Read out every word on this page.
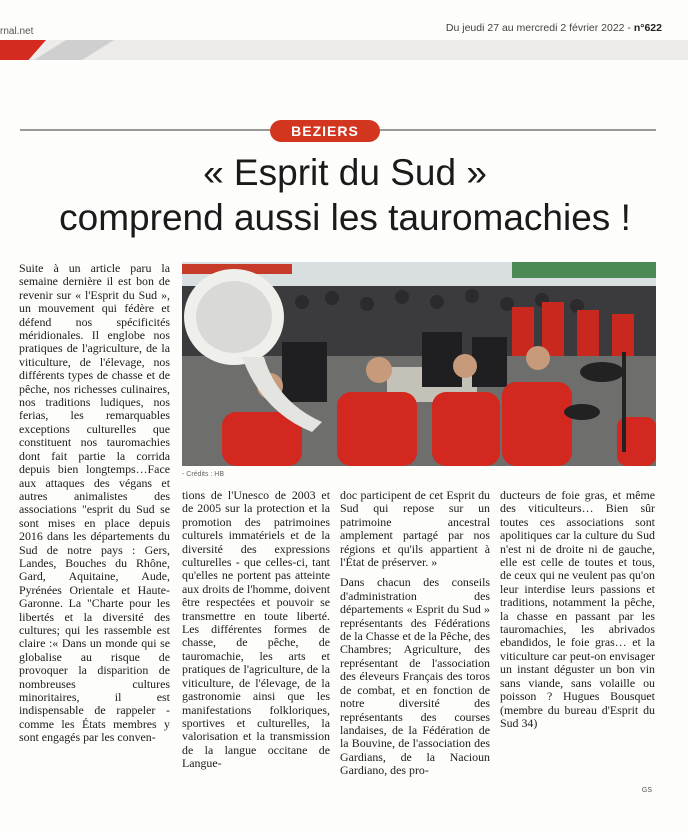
rnal.net	Du jeudi 27 au mercredi 2 février 2022 - n°622
BEZIERS
« Esprit du Sud »
comprend aussi les tauromachies !
- Crédits : HB

Suite à un article paru la semaine dernière il est bon de revenir sur « l'Esprit du Sud », un mouvement qui fédère et défend nos spécificités méridionales. Il englobe nos pratiques de l'agriculture, de la viticulture, de l'élevage, nos différents types de chasse et de pêche, nos richesses culinaires, nos traditions ludiques, nos ferias, les remarquables exceptions culturelles que constituent nos tauromachies dont fait partie la corrida depuis bien longtemps…Face aux attaques des végans et autres animalistes des associations "esprit du Sud se sont mises en place depuis 2016 dans les départements du Sud de notre pays : Gers, Landes, Bouches du Rhône, Gard, Aquitaine, Aude, Pyrénées Orientale et Haute-Garonne. La "Charte pour les libertés et la diversité des cultures; qui les rassemble est claire :« Dans un monde qui se globalise au risque de provoquer la disparition de nombreuses cultures minoritaires, il est indispensable de rappeler - comme les États membres y sont engagés par les conven-

tions de l'Unesco de 2003 et de 2005 sur la protection et la promotion des patrimoines culturels immatériels et de la diversité des expressions culturelles - que celles-ci, tant qu'elles ne portent pas atteinte aux droits de l'homme, doivent être respectées et pouvoir se transmettre en toute liberté. Les différentes formes de chasse, de pêche, de tauromachie, les arts et pratiques de l'agriculture, de la viticulture, de l'élevage, de la gastronomie ainsi que les manifestations folkloriques, sportives et culturelles, la valorisation et la transmission de la langue occitane de Langue-

doc participent de cet Esprit du Sud qui repose sur un patrimoine ancestral amplement partagé par nos régions et qu'ils appartient à l'État de préserver. »

Dans chacun des conseils d'administration des départements « Esprit du Sud » représentants des Fédérations de la Chasse et de la Pêche, des Chambres; Agriculture, des représentant de l'association des éleveurs Français des toros de combat, et en fonction de notre diversité des représentants des courses landaises, de la Fédération de la Bouvine, de l'association des Gardians, de la Nacioun Gardiano, des pro-

ducteurs de foie gras, et même des viticulteurs… Bien sûr toutes ces associations sont apolitiques car la culture du Sud n'est ni de droite ni de gauche, elle est celle de toutes et tous, de ceux qui ne veulent pas qu'on leur interdise leurs passions et traditions, notamment la pêche, la chasse en passant par les tauromachies, les abrivados ebandidos, le foie gras… et la viticulture car peut-on envisager un instant déguster un bon vin sans viande, sans volaille ou poisson ? Hugues Bousquet (membre du bureau d'Esprit du Sud 34)

GS
